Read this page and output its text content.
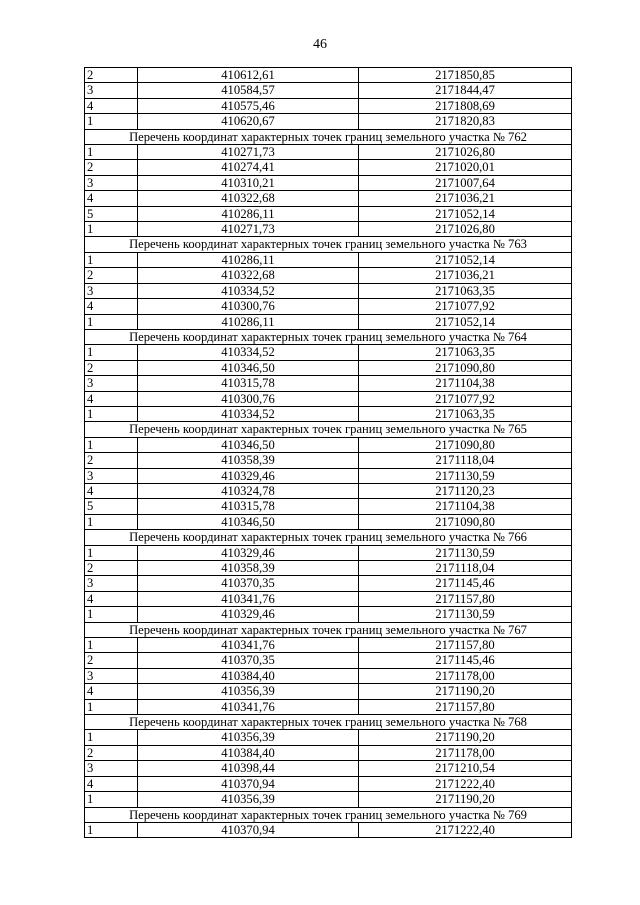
46
2	410612,61	2171850,85
3	410584,57	2171844,47
4	410575,46	2171808,69
1	410620,67	2171820,83
Перечень координат характерных точек границ земельного участка № 762		
1	410271,73	2171026,80
2	410274,41	2171020,01
3	410310,21	2171007,64
4	410322,68	2171036,21
5	410286,11	2171052,14
1	410271,73	2171026,80
Перечень координат характерных точек границ земельного участка № 763		
1	410286,11	2171052,14
2	410322,68	2171036,21
3	410334,52	2171063,35
4	410300,76	2171077,92
1	410286,11	2171052,14
Перечень координат характерных точек границ земельного участка № 764		
1	410334,52	2171063,35
2	410346,50	2171090,80
3	410315,78	2171104,38
4	410300,76	2171077,92
1	410334,52	2171063,35
Перечень координат характерных точек границ земельного участка № 765		
1	410346,50	2171090,80
2	410358,39	2171118,04
3	410329,46	2171130,59
4	410324,78	2171120,23
5	410315,78	2171104,38
1	410346,50	2171090,80
Перечень координат характерных точек границ земельного участка № 766		
1	410329,46	2171130,59
2	410358,39	2171118,04
3	410370,35	2171145,46
4	410341,76	2171157,80
1	410329,46	2171130,59
Перечень координат характерных точек границ земельного участка № 767		
1	410341,76	2171157,80
2	410370,35	2171145,46
3	410384,40	2171178,00
4	410356,39	2171190,20
1	410341,76	2171157,80
Перечень координат характерных точек границ земельного участка № 768		
1	410356,39	2171190,20
2	410384,40	2171178,00
3	410398,44	2171210,54
4	410370,94	2171222,40
1	410356,39	2171190,20
Перечень координат характерных точек границ земельного участка № 769		
1	410370,94	2171222,40
